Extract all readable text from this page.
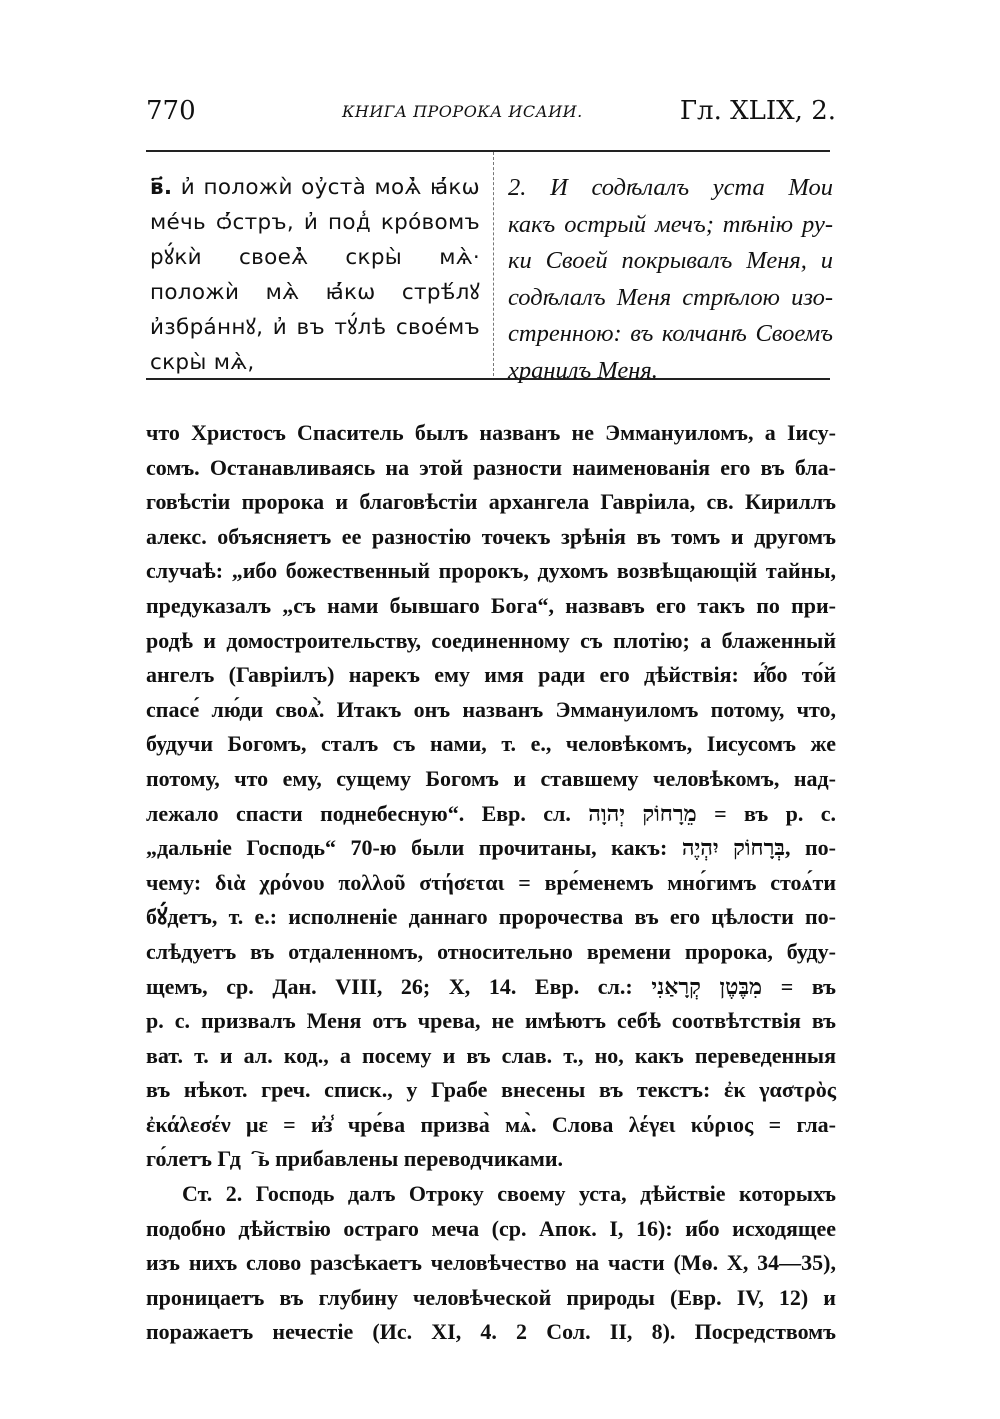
770	КНИГА ПРОРОКА ИСАИИ.	Гл. XLIX, 2.
в҃. и҆ положѝ оу҆ста̀ моѧ҆̀ ꙗ҆́кѡ ме́чь ѻ҆́стръ, и҆ под̾ кро́вомъ рꙋ́кѝ своеѧ҆̀ скры̀ мѧ̀· положѝ мѧ̀ ꙗ҆́кѡ стрѣ́лꙋ и҆збра́ннꙋ, и҆ въ тꙋ́лѣ свое́мъ скры̀ мѧ̀,
2. И содѣлалъ уста Мои
какъ острый мечъ; тѣнію ру-
ки Своей покрывалъ Меня, и
содѣлалъ Меня стрѣлою изо-
стренною: въ колчанѣ Своемъ
хранилъ Меня.
что Христосъ Спаситель былъ названъ не Эммануиломъ, а Іису-
сомъ. Останавливаясь на этой разности наименованія его въ бла-
говѣстіи пророка и благовѣстіи архангела Гавріила, св. Кириллъ
алекс. объясняетъ ее разностію точекъ зрѣнія въ томъ и другомъ
случаѣ: „ибо божественный пророкъ, духомъ возвѣщающій тайны,
предуказалъ „съ нами бывшаго Бога“, назвавъ его такъ по при-
родѣ и домостроительству, соединенному съ плотію; а блаженный
ангелъ (Гавріилъ) нарекъ ему имя ради его дѣйствія: и҆́бо то́й
спасе́ лю́ди своѧ҆̀. Итакъ онъ названъ Эммануиломъ потому, что,
будучи Богомъ, сталъ съ нами, т. е., человѣкомъ, Іисусомъ же
потому, что ему, сущему Богомъ и ставшему человѣкомъ, над-
лежало спасти поднебесную“. Евр. сл. מֵרָחוֹק יְהוָה = въ р. с.
„дальніе Господь“ 70-ю были прочитаны, какъ: בְּרָחוֹק יִהְיֶה, по-
чему: διὰ χρόνου πολλοῦ στήσεται = вре́менемъ мно́гимъ стоѧ́ти
бꙋ́детъ, т. е.: исполненіе даннаго пророчества въ его цѣлости по-
слѣдуетъ въ отдаленномъ, относительно времени пророка, буду-
щемъ, ср. Дан. VIII, 26; X, 14. Евр. сл.: מִבֶּטֶן קְרָאַנִי = въ
р. с. призвалъ Меня отъ чрева, не имѣютъ себѣ соотвѣтствія въ
ват. т. и ал. код., а посему и въ слав. т., но, какъ переведенныя
въ нѣкот. греч. списк., у Грабе внесены въ текстъ: ἐκ γαστρὸς
ἐκάλεσέν με = и҆з̾ чре́ва призва̀ мѧ̀. Слова λέγει κύριος = гла-
го́летъ Гдⷭ҇ь прибавлены переводчиками.
Ст. 2. Господь далъ Отроку своему уста, дѣйствіе которыхъ
подобно дѣйствію остраго меча (ср. Апок. I, 16): ибо исходящее
изъ нихъ слово разсѣкаетъ человѣчество на части (Мѳ. X, 34—35),
проницаетъ въ глубину человѣческой природы (Евр. IV, 12) и
поражаетъ нечестіе (Ис. XI, 4. 2 Сол. II, 8). Посредствомъ
